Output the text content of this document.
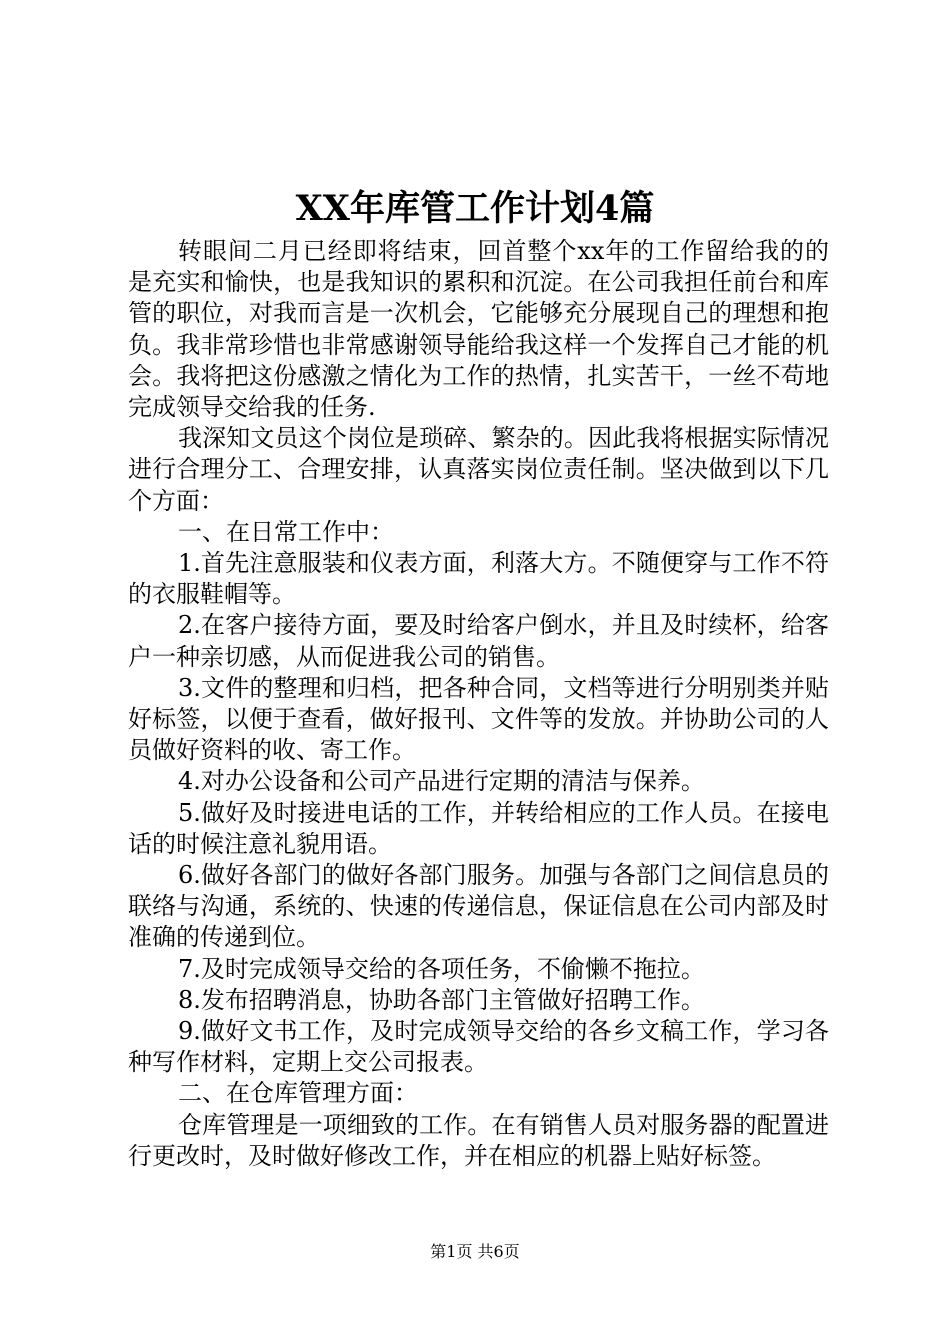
XX年库管工作计划4篇

转眼间二月已经即将结束，回首整个xx年的工作留给我的的是充实和愉快，也是我知识的累积和沉淀。在公司我担任前台和库管的职位，对我而言是一次机会，它能够充分展现自己的理想和抱负。我非常珍惜也非常感谢领导能给我这样一个发挥自己才能的机会。我将把这份感激之情化为工作的热情，扎实苦干，一丝不苟地完成领导交给我的任务.

我深知文员这个岗位是琐碎、繁杂的。因此我将根据实际情况进行合理分工、合理安排，认真落实岗位责任制。坚决做到以下几个方面：

一、在日常工作中：

1.首先注意服装和仪表方面，利落大方。不随便穿与工作不符的衣服鞋帽等。

2.在客户接待方面，要及时给客户倒水，并且及时续杯，给客户一种亲切感，从而促进我公司的销售。

3.文件的整理和归档，把各种合同，文档等进行分明别类并贴好标签，以便于查看，做好报刊、文件等的发放。并协助公司的人员做好资料的收、寄工作。

4.对办公设备和公司产品进行定期的清洁与保养。

5.做好及时接进电话的工作，并转给相应的工作人员。在接电话的时候注意礼貌用语。

6.做好各部门的做好各部门服务。加强与各部门之间信息员的联络与沟通，系统的、快速的传递信息，保证信息在公司内部及时准确的传递到位。

7.及时完成领导交给的各项任务，不偷懒不拖拉。

8.发布招聘消息，协助各部门主管做好招聘工作。

9.做好文书工作，及时完成领导交给的各乡文稿工作，学习各种写作材料，定期上交公司报表。

二、在仓库管理方面：

仓库管理是一项细致的工作。在有销售人员对服务器的配置进行更改时，及时做好修改工作，并在相应的机器上贴好标签。

第1页 共6页
